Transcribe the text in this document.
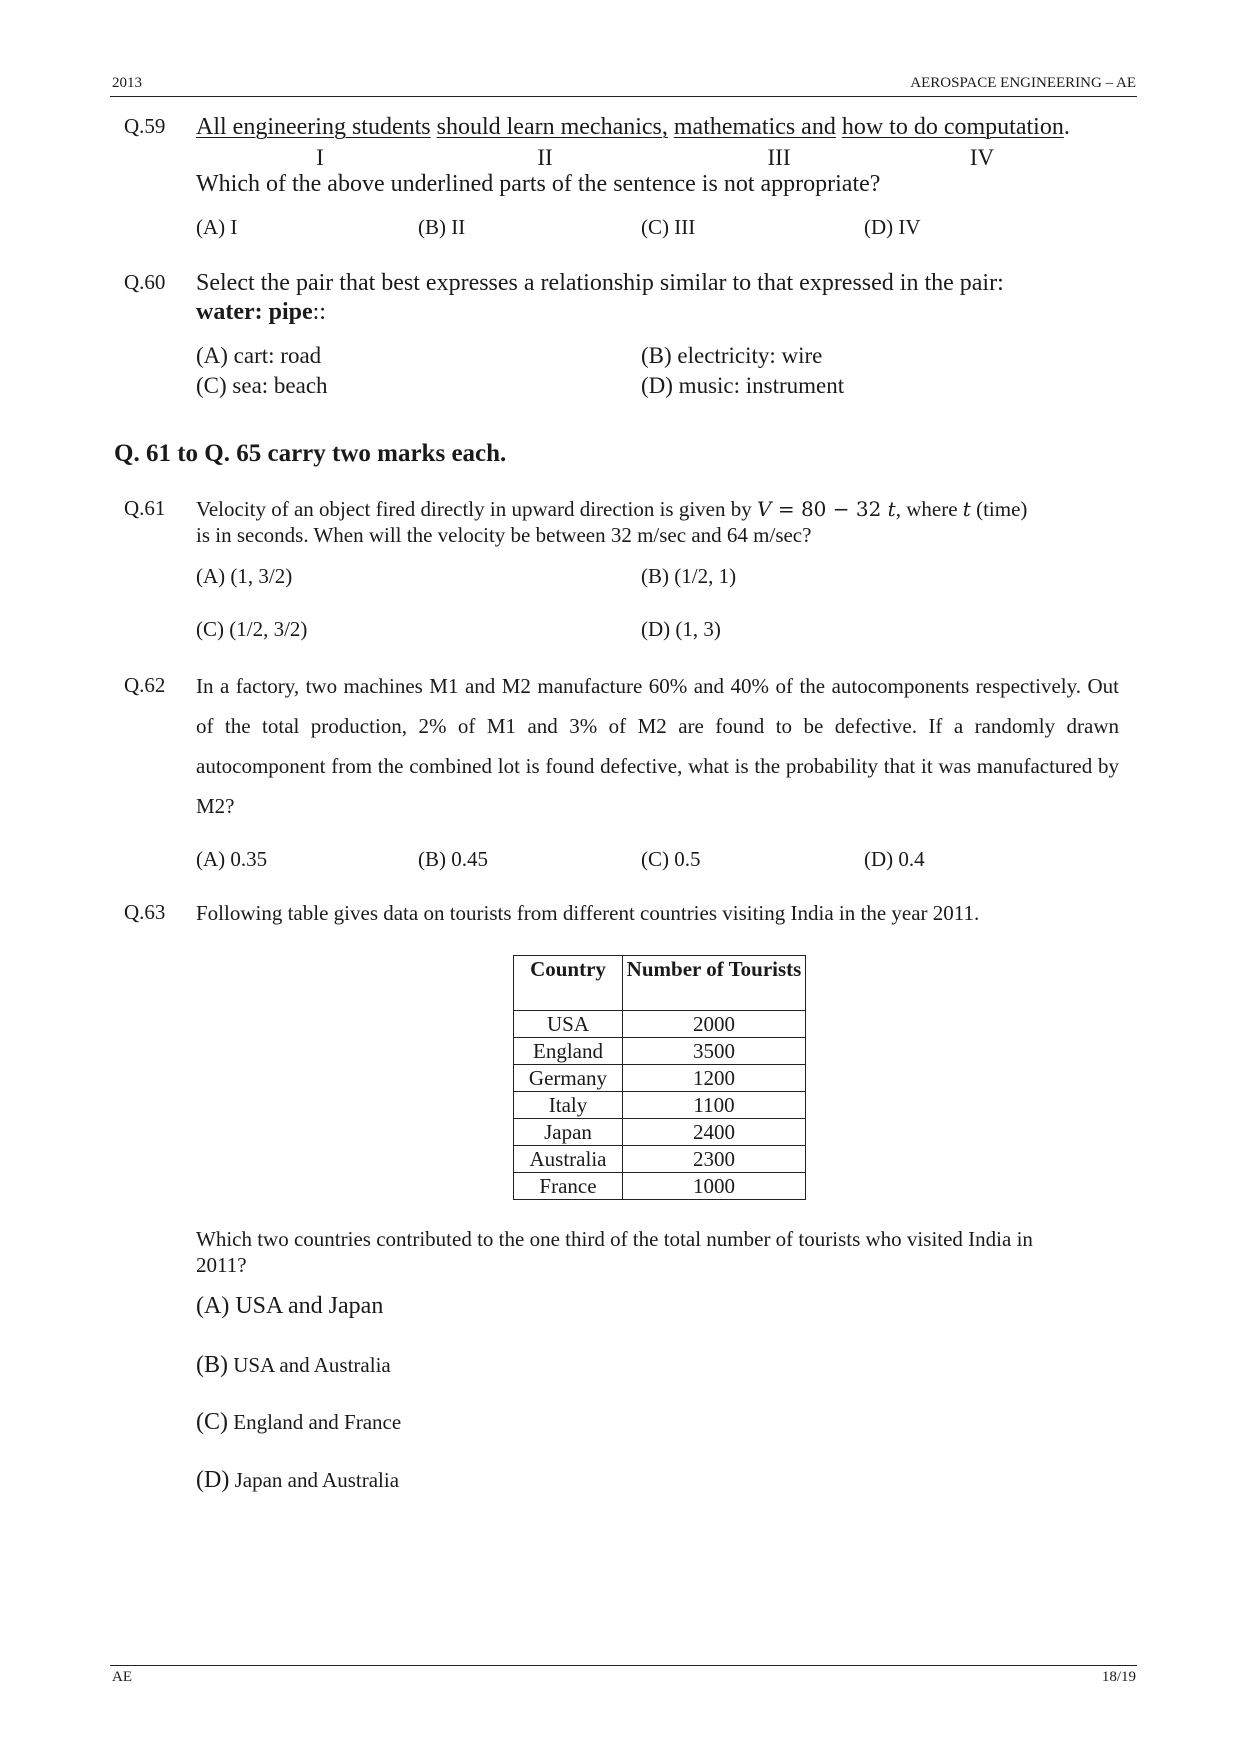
2013	AEROSPACE ENGINEERING – AE
Q.59 All engineering students should learn mechanics, mathematics and how to do computation.
I	II	III	IV
Which of the above underlined parts of the sentence is not appropriate?
(A) I	(B) II	(C) III	(D) IV
Q.60 Select the pair that best expresses a relationship similar to that expressed in the pair:
water: pipe::
(A) cart: road	(B) electricity: wire
(C) sea: beach	(D) music: instrument
Q. 61 to Q. 65 carry two marks each.
Q.61 Velocity of an object fired directly in upward direction is given by V = 80 − 32 t, where t (time)
is in seconds. When will the velocity be between 32 m/sec and 64 m/sec?
(A) (1, 3/2)	(B) (1/2, 1)
(C) (1/2, 3/2)	(D) (1, 3)
Q.62 In a factory, two machines M1 and M2 manufacture 60% and 40% of the autocomponents respectively. Out of the total production, 2% of M1 and 3% of M2 are found to be defective. If a randomly drawn autocomponent from the combined lot is found defective, what is the probability that it was manufactured by M2?
(A) 0.35	(B) 0.45	(C) 0.5	(D) 0.4
Q.63 Following table gives data on tourists from different countries visiting India in the year 2011.
Country	Number of Tourists
USA	2000
England	3500
Germany	1200
Italy	1100
Japan	2400
Australia	2300
France	1000
Which two countries contributed to the one third of the total number of tourists who visited India in
2011?
(A) USA and Japan
(B) USA and Australia
(C) England and France
(D) Japan and Australia
AE	18/19
